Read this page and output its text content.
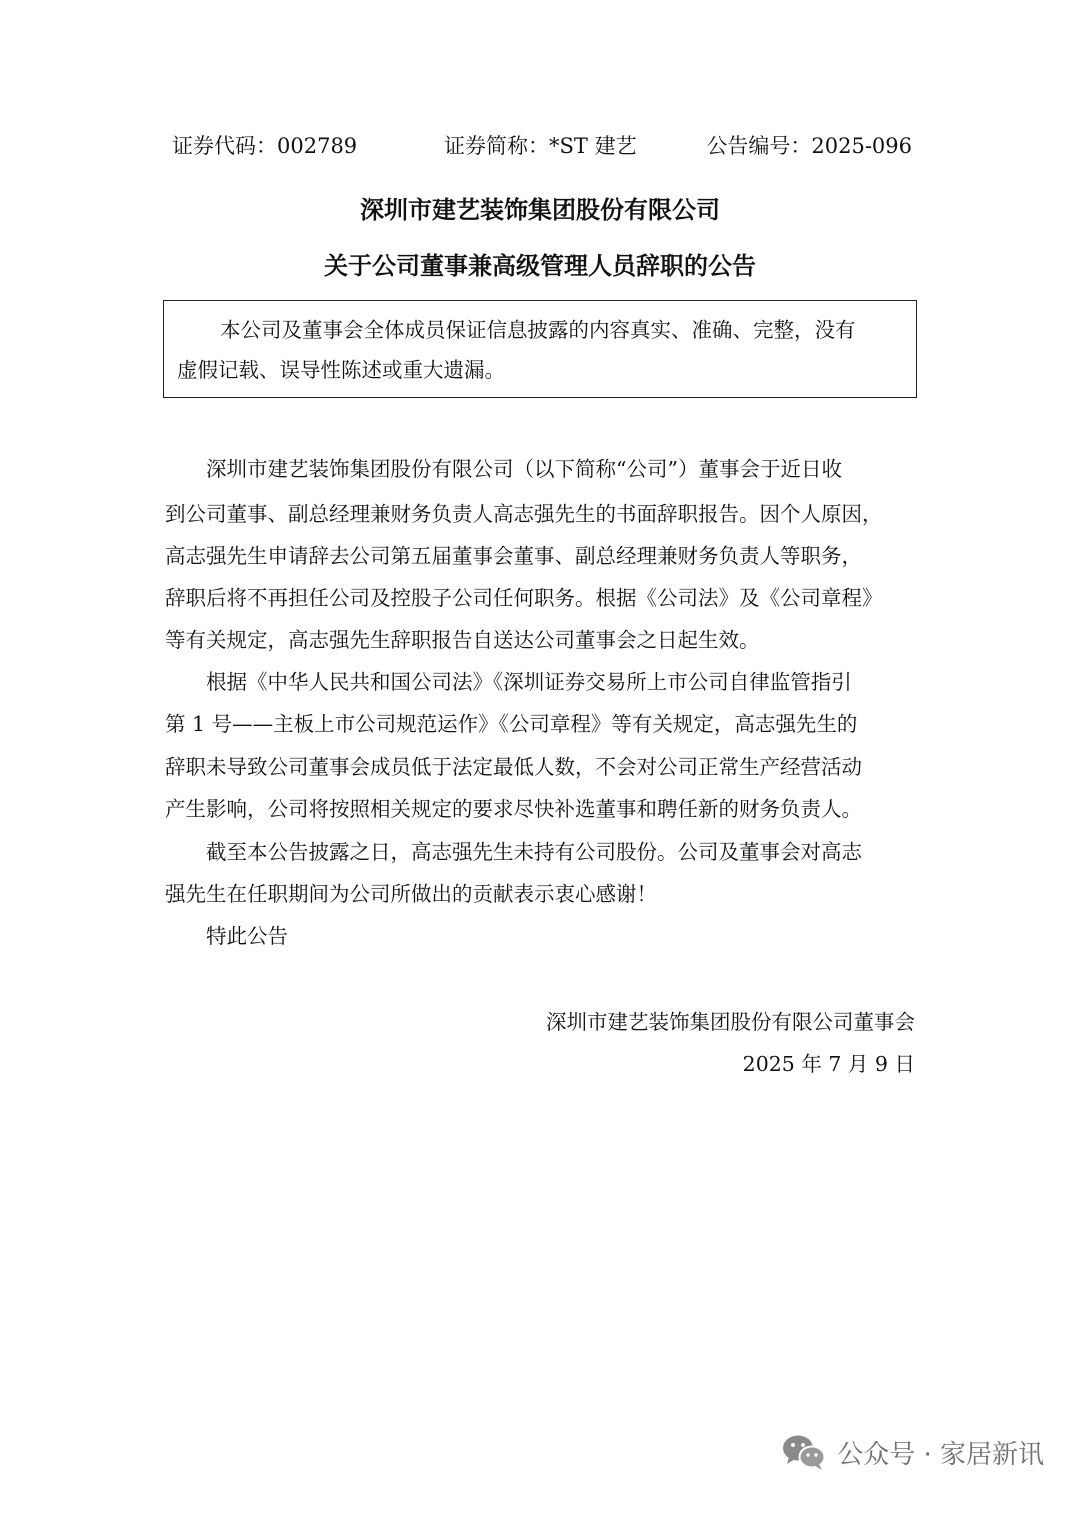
证券代码：002789	证券简称：*ST 建艺	公告编号：2025-096
深圳市建艺装饰集团股份有限公司
关于公司董事兼高级管理人员辞职的公告
本公司及董事会全体成员保证信息披露的内容真实、准确、完整，没有
虚假记载、误导性陈述或重大遗漏。
深圳市建艺装饰集团股份有限公司（以下简称“公司”）董事会于近日收
到公司董事、副总经理兼财务负责人高志强先生的书面辞职报告。因个人原因，
高志强先生申请辞去公司第五届董事会董事、副总经理兼财务负责人等职务，
辞职后将不再担任公司及控股子公司任何职务。根据《公司法》及《公司章程》
等有关规定，高志强先生辞职报告自送达公司董事会之日起生效。
根据《中华人民共和国公司法》《深圳证券交易所上市公司自律监管指引
第 1 号——主板上市公司规范运作》《公司章程》等有关规定，高志强先生的
辞职未导致公司董事会成员低于法定最低人数，不会对公司正常生产经营活动
产生影响，公司将按照相关规定的要求尽快补选董事和聘任新的财务负责人。
截至本公告披露之日，高志强先生未持有公司股份。公司及董事会对高志
强先生在任职期间为公司所做出的贡献表示衷心感谢！
特此公告
深圳市建艺装饰集团股份有限公司董事会
2025 年 7 月 9 日
公众号 · 家居新讯
